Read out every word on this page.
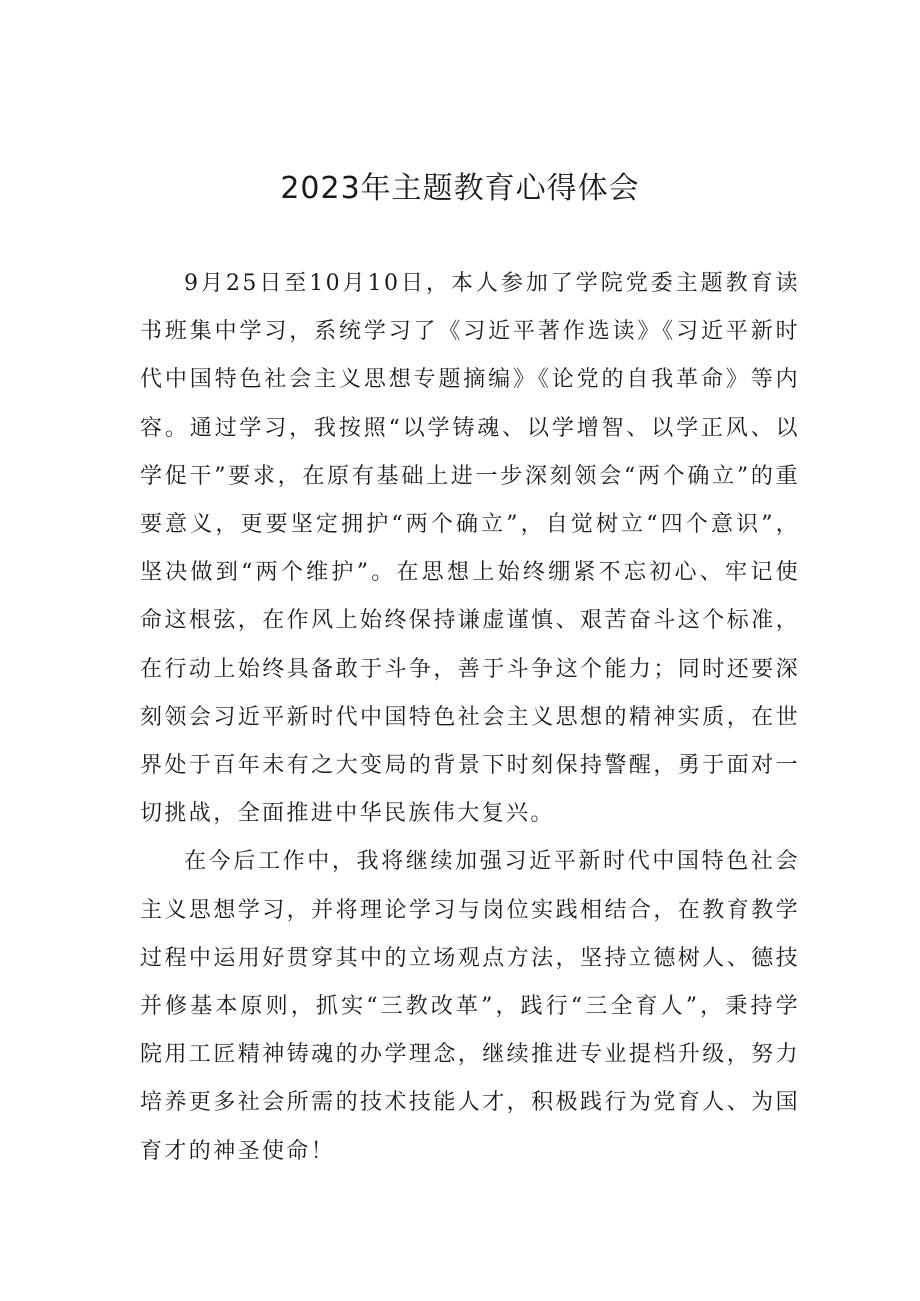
2023年主题教育心得体会

9月25日至10月10日，本人参加了学院党委主题教育读书班集中学习，系统学习了《习近平著作选读》《习近平新时代中国特色社会主义思想专题摘编》《论党的自我革命》等内容。通过学习，我按照“以学铸魂、以学增智、以学正风、以学促干”要求，在原有基础上进一步深刻领会“两个确立”的重要意义，更要坚定拥护“两个确立”，自觉树立“四个意识”，坚决做到“两个维护”。在思想上始终绷紧不忘初心、牢记使命这根弦，在作风上始终保持谦虚谨慎、艰苦奋斗这个标准，在行动上始终具备敢于斗争，善于斗争这个能力；同时还要深刻领会习近平新时代中国特色社会主义思想的精神实质，在世界处于百年未有之大变局的背景下时刻保持警醒，勇于面对一切挑战，全面推进中华民族伟大复兴。

在今后工作中，我将继续加强习近平新时代中国特色社会主义思想学习，并将理论学习与岗位实践相结合，在教育教学过程中运用好贯穿其中的立场观点方法，坚持立德树人、德技并修基本原则，抓实“三教改革”，践行“三全育人”，秉持学院用工匠精神铸魂的办学理念，继续推进专业提档升级，努力培养更多社会所需的技术技能人才，积极践行为党育人、为国育才的神圣使命！
